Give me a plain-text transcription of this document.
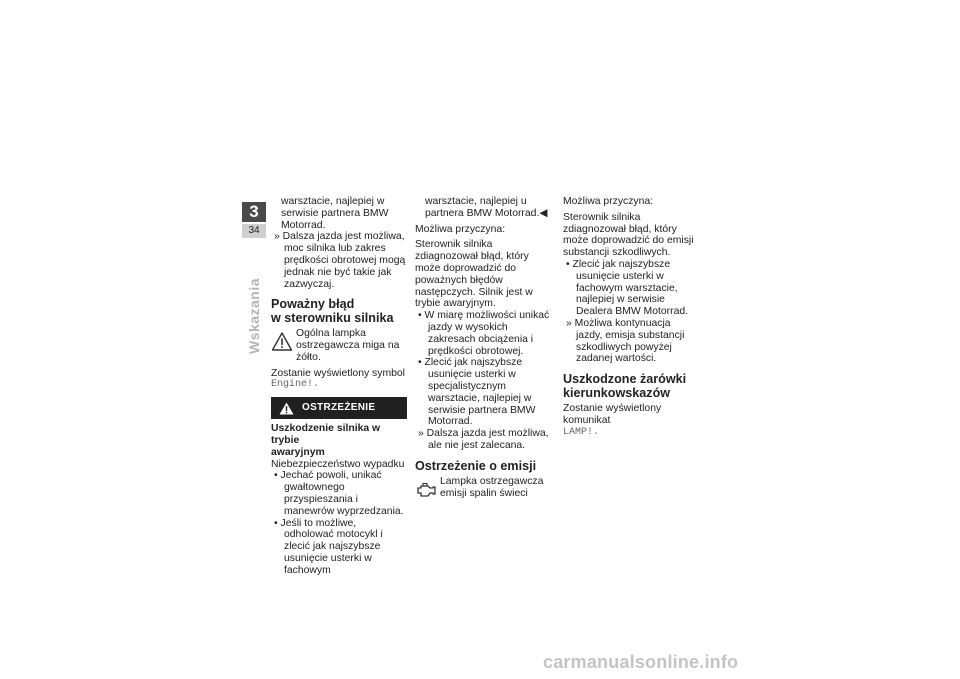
3
34
Wskazania

warsztacie, najlepiej w serwisie partnera BMW Motorrad.

» Dalsza jazda jest możliwa, moc silnika lub zakres prędkości obrotowej mogą jednak nie być takie jak zazwyczaj.

Poważny błąd
w sterowniku silnika

Ogólna lampka ostrzegawcza miga na żółto.

Zostanie wyświetlony symbol

Engine!.

OSTRZEŻENIE
Uszkodzenie silnika w trybie
awaryjnym

Niebezpieczeństwo wypadku

• Jechać powoli, unikać gwałtownego przyspieszania i manewrów wyprzedzania.

• Jeśli to możliwe, odholować motocykl i zlecić jak najszybsze usunięcie usterki w fachowym

warsztacie, najlepiej u partnera BMW Motorrad.◀

Możliwa przyczyna:

Sterownik silnika zdiagnozował błąd, który może doprowadzić do poważnych błędów następczych. Silnik jest w trybie awaryjnym.

• W miarę możliwości unikać jazdy w wysokich zakresach obciążenia i prędkości obrotowej.

• Zlecić jak najszybsze usunięcie usterki w specjalistycznym warsztacie, najlepiej w serwisie partnera BMW Motorrad.

» Dalsza jazda jest możliwa, ale nie jest zalecana.

Ostrzeżenie o emisji

Lampka ostrzegawcza emisji spalin świeci

Możliwa przyczyna:

Sterownik silnika zdiagnozował błąd, który może doprowadzić do emisji substancji szkodliwych.

• Zlecić jak najszybsze usunięcie usterki w fachowym warsztacie, najlepiej w serwisie Dealera BMW Motorrad.

» Możliwa kontynuacja jazdy, emisja substancji szkodliwych powyżej zadanej wartości.

Uszkodzone żarówki
kierunkowskazów

Zostanie wyświetlony komunikat

LAMP!.

carmanualsonline.info
